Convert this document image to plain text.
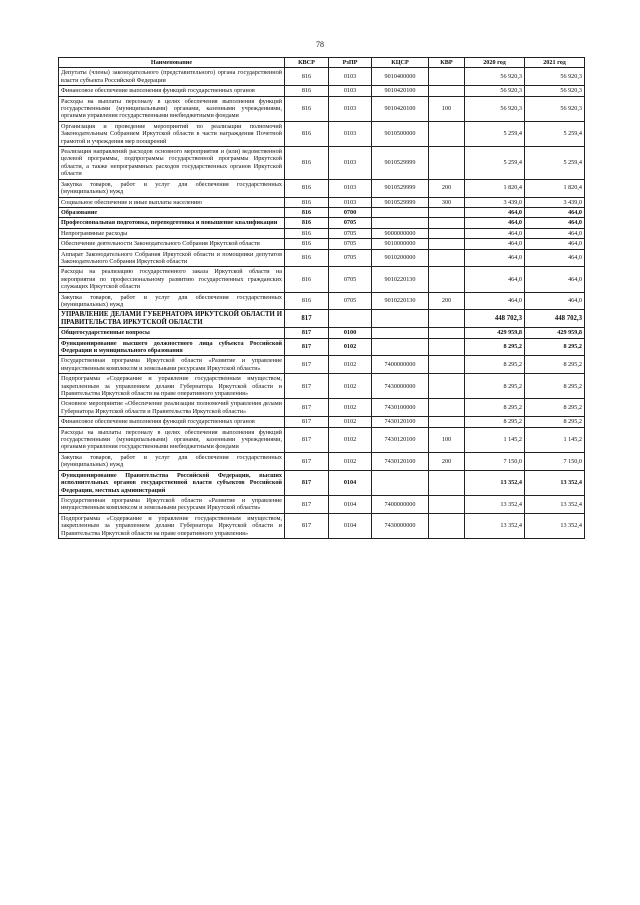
78
Наименование	КВСР	РзПР	КЦСР	КВР	2020 год	2021 год
Депутаты (члены) законодательного (представительного) органа государственной власти субъекта Российской Федерации	816	0103	9010400000		56 920,3	56 920,3
Финансовое обеспечение выполнения функций государственных органов	816	0103	9010420100		56 920,3	56 920,3
Расходы на выплаты персоналу в целях обеспечения выполнения функций государственными (муниципальными) органами, казенными учреждениями, органами управления государственными внебюджетными фондами	816	0103	9010420100	100	56 920,3	56 920,3
Организация и проведение мероприятий по реализации полномочий Законодательным Собранием Иркутской области в части награждения Почетной грамотой и учреждения мер поощрений	816	0103	9010500000		5 259,4	5 259,4
Реализация направлений расходов основного мероприятия и (или) ведомственной целевой программы, подпрограммы государственной программы Иркутской области, а также непрограммных расходов государственных органов Иркутской области	816	0103	9010529999		5 259,4	5 259,4
Закупка товаров, работ и услуг для обеспечения государственных (муниципальных) нужд	816	0103	9010529999	200	1 820,4	1 820,4
Социальное обеспечение и иные выплаты населению	816	0103	9010529999	300	3 439,0	3 439,0
Образование	816	0700			464,0	464,0
Профессиональная подготовка, переподготовка и повышение квалификации	816	0705			464,0	464,0
Непрограммные расходы	816	0705	9000000000		464,0	464,0
Обеспечение деятельности Законодательного Собрания Иркутской области	816	0705	9010000000		464,0	464,0
Аппарат Законодательного Собрания Иркутской области и помощники депутатов Законодательного Собрания Иркутской области	816	0705	9010200000		464,0	464,0
Расходы на реализацию государственного заказа Иркутской области на мероприятия по профессиональному развитию государственных гражданских служащих Иркутской области	816	0705	9010220130		464,0	464,0
Закупка товаров, работ и услуг для обеспечения государственных (муниципальных) нужд	816	0705	9010220130	200	464,0	464,0
УПРАВЛЕНИЕ ДЕЛАМИ ГУБЕРНАТОРА ИРКУТСКОЙ ОБЛАСТИ И ПРАВИТЕЛЬСТВА ИРКУТСКОЙ ОБЛАСТИ	817				448 702,3	448 702,3
Общегосударственные вопросы	817	0100			429 959,8	429 959,8
Функционирование высшего должностного лица субъекта Российской Федерации и муниципального образования	817	0102			8 295,2	8 295,2
Государственная программа Иркутской области «Развитие и управление имущественным комплексом и земельными ресурсами Иркутской области»	817	0102	7400000000		8 295,2	8 295,2
Подпрограмма «Содержание и управление государственным имуществом, закрепленным за управлением делами Губернатора Иркутской области и Правительства Иркутской области на праве оперативного управления»	817	0102	7430000000		8 295,2	8 295,2
Основное мероприятие «Обеспечение реализации полномочий управления делами Губернатора Иркутской области и Правительства Иркутской области»	817	0102	7430100000		8 295,2	8 295,2
Финансовое обеспечение выполнения функций государственных органов	817	0102	7430120100		8 295,2	8 295,2
Расходы на выплаты персоналу в целях обеспечения выполнения функций государственными (муниципальными) органами, казенными учреждениями, органами управления государственными внебюджетными фондами	817	0102	7430120100	100	1 145,2	1 145,2
Закупка товаров, работ и услуг для обеспечения государственных (муниципальных) нужд	817	0102	7430120100	200	7 150,0	7 150,0
Функционирование Правительства Российской Федерации, высших исполнительных органов государственной власти субъектов Российской Федерации, местных администраций	817	0104			13 352,4	13 352,4
Государственная программа Иркутской области «Развитие и управление имущественным комплексом и земельными ресурсами Иркутской области»	817	0104	7400000000		13 352,4	13 352,4
Подпрограмма «Содержание и управление государственным имуществом, закрепленным за управлением делами Губернатора Иркутской области и Правительства Иркутской области на праве оперативного управления»	817	0104	7430000000		13 352,4	13 352,4
